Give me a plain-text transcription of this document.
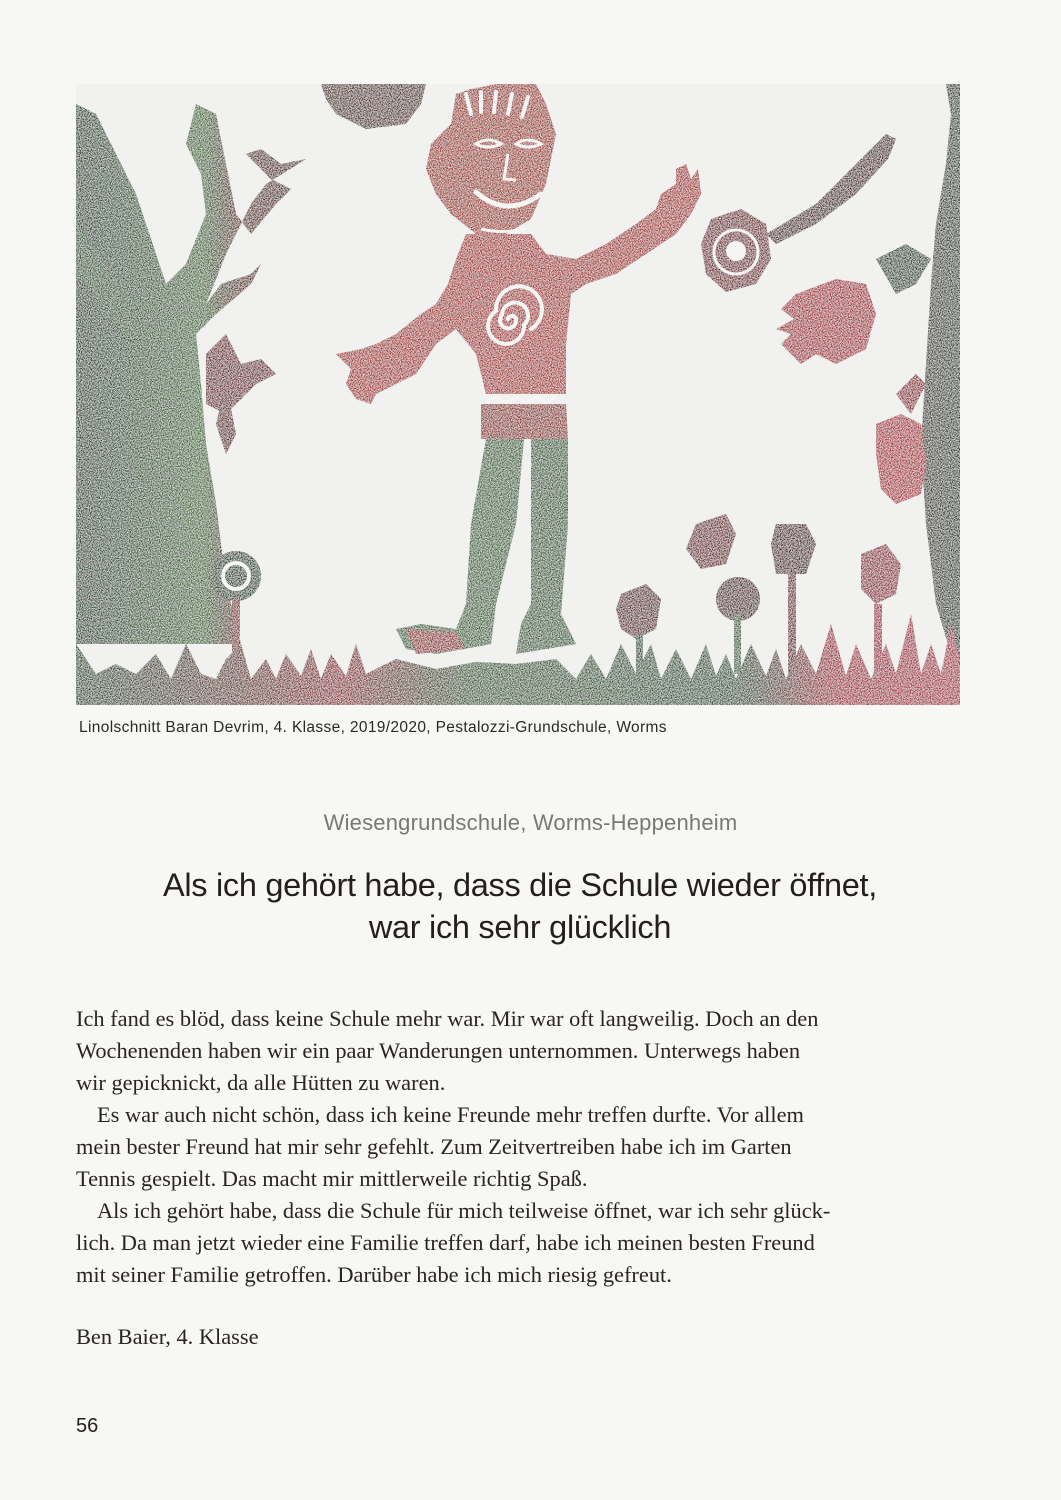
Linolschnitt Baran Devrim, 4. Klasse, 2019/2020, Pestalozzi-Grundschule, Worms
Wiesengrundschule, Worms-Heppenheim
Als ich gehört habe, dass die Schule wieder öffnet,
war ich sehr glücklich

Ich fand es blöd, dass keine Schule mehr war. Mir war oft langweilig. Doch an den

Wochenenden haben wir ein paar Wanderungen unternommen. Unterwegs haben

wir gepicknickt, da alle Hütten zu waren.

Es war auch nicht schön, dass ich keine Freunde mehr treffen durfte. Vor allem

mein bester Freund hat mir sehr gefehlt. Zum Zeitvertreiben habe ich im Garten

Tennis gespielt. Das macht mir mittlerweile richtig Spaß.

Als ich gehört habe, dass die Schule für mich teilweise öffnet, war ich sehr glück-

lich. Da man jetzt wieder eine Familie treffen darf, habe ich meinen besten Freund

mit seiner Familie getroffen. Darüber habe ich mich riesig gefreut.

Ben Baier, 4. Klasse
56
